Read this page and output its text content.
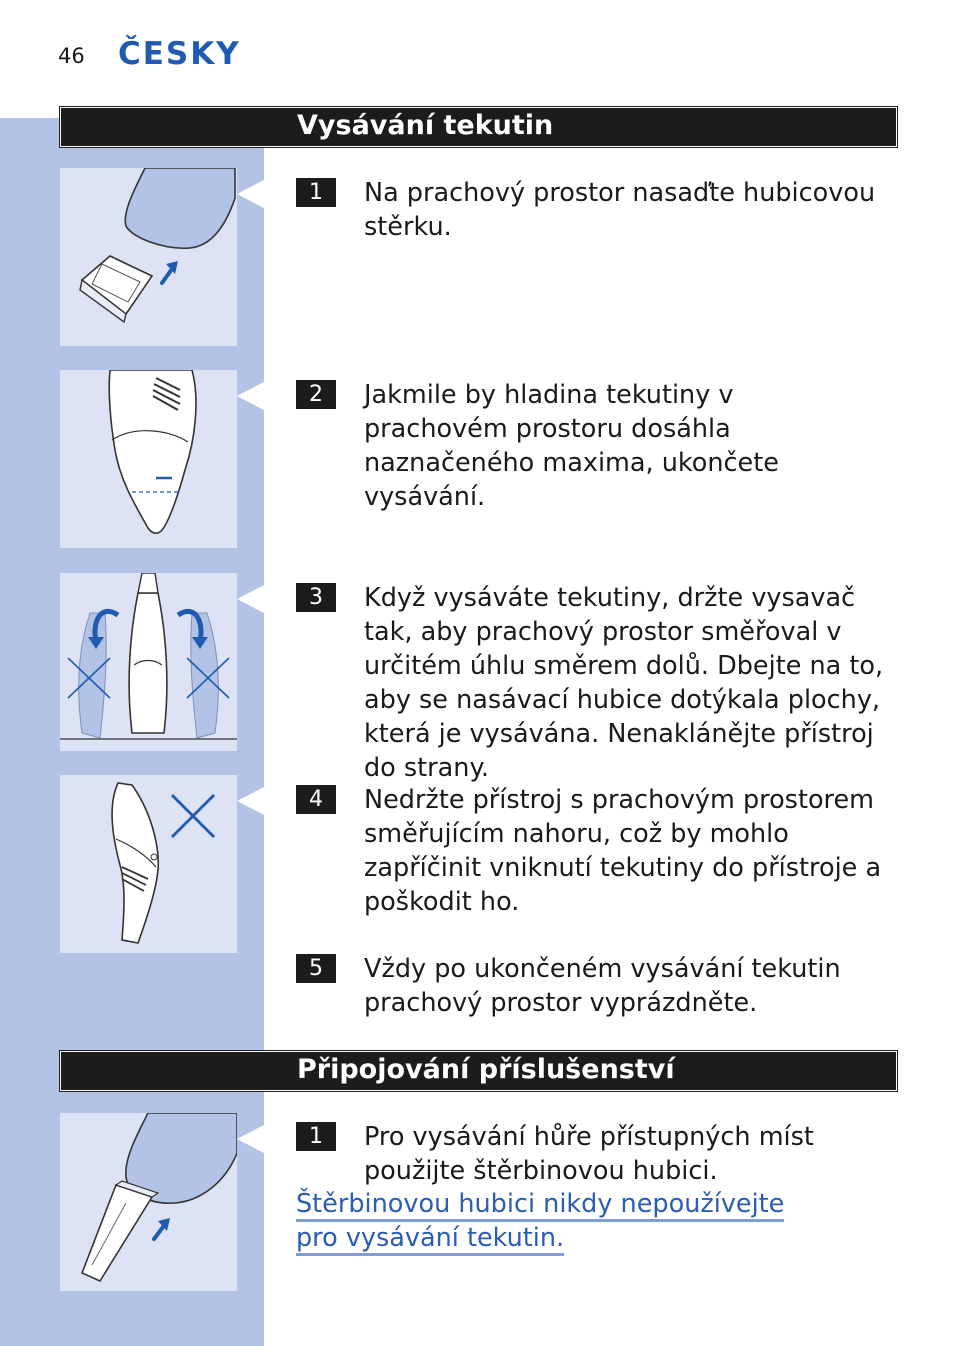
46 ČESKY
Vysávání tekutin
1	Na prachový prostor nasaďte hubicovou stěrku.

2	Jakmile by hladina tekutiny v prachovém prostoru dosáhla naznačeného maxima, ukončete vysávání.

3	Když vysáváte tekutiny, držte vysavač tak, aby prachový prostor směřoval v určitém úhlu směrem dolů. Dbejte na to, aby se nasávací hubice dotýkala plochy, která je vysávána. Nenaklánějte přístroj do strany.

4	Nedržte přístroj s prachovým prostorem směřujícím nahoru, což by mohlo zapříčinit vniknutí tekutiny do přístroje a poškodit ho.

5	Vždy po ukončeném vysávání tekutin prachový prostor vyprázdněte.

Připojování příslušenství
1	Pro vysávání hůře přístupných míst použijte štěrbinovou hubici.

Štěrbinovou hubici nikdy nepoužívejte pro vysávání tekutin.
